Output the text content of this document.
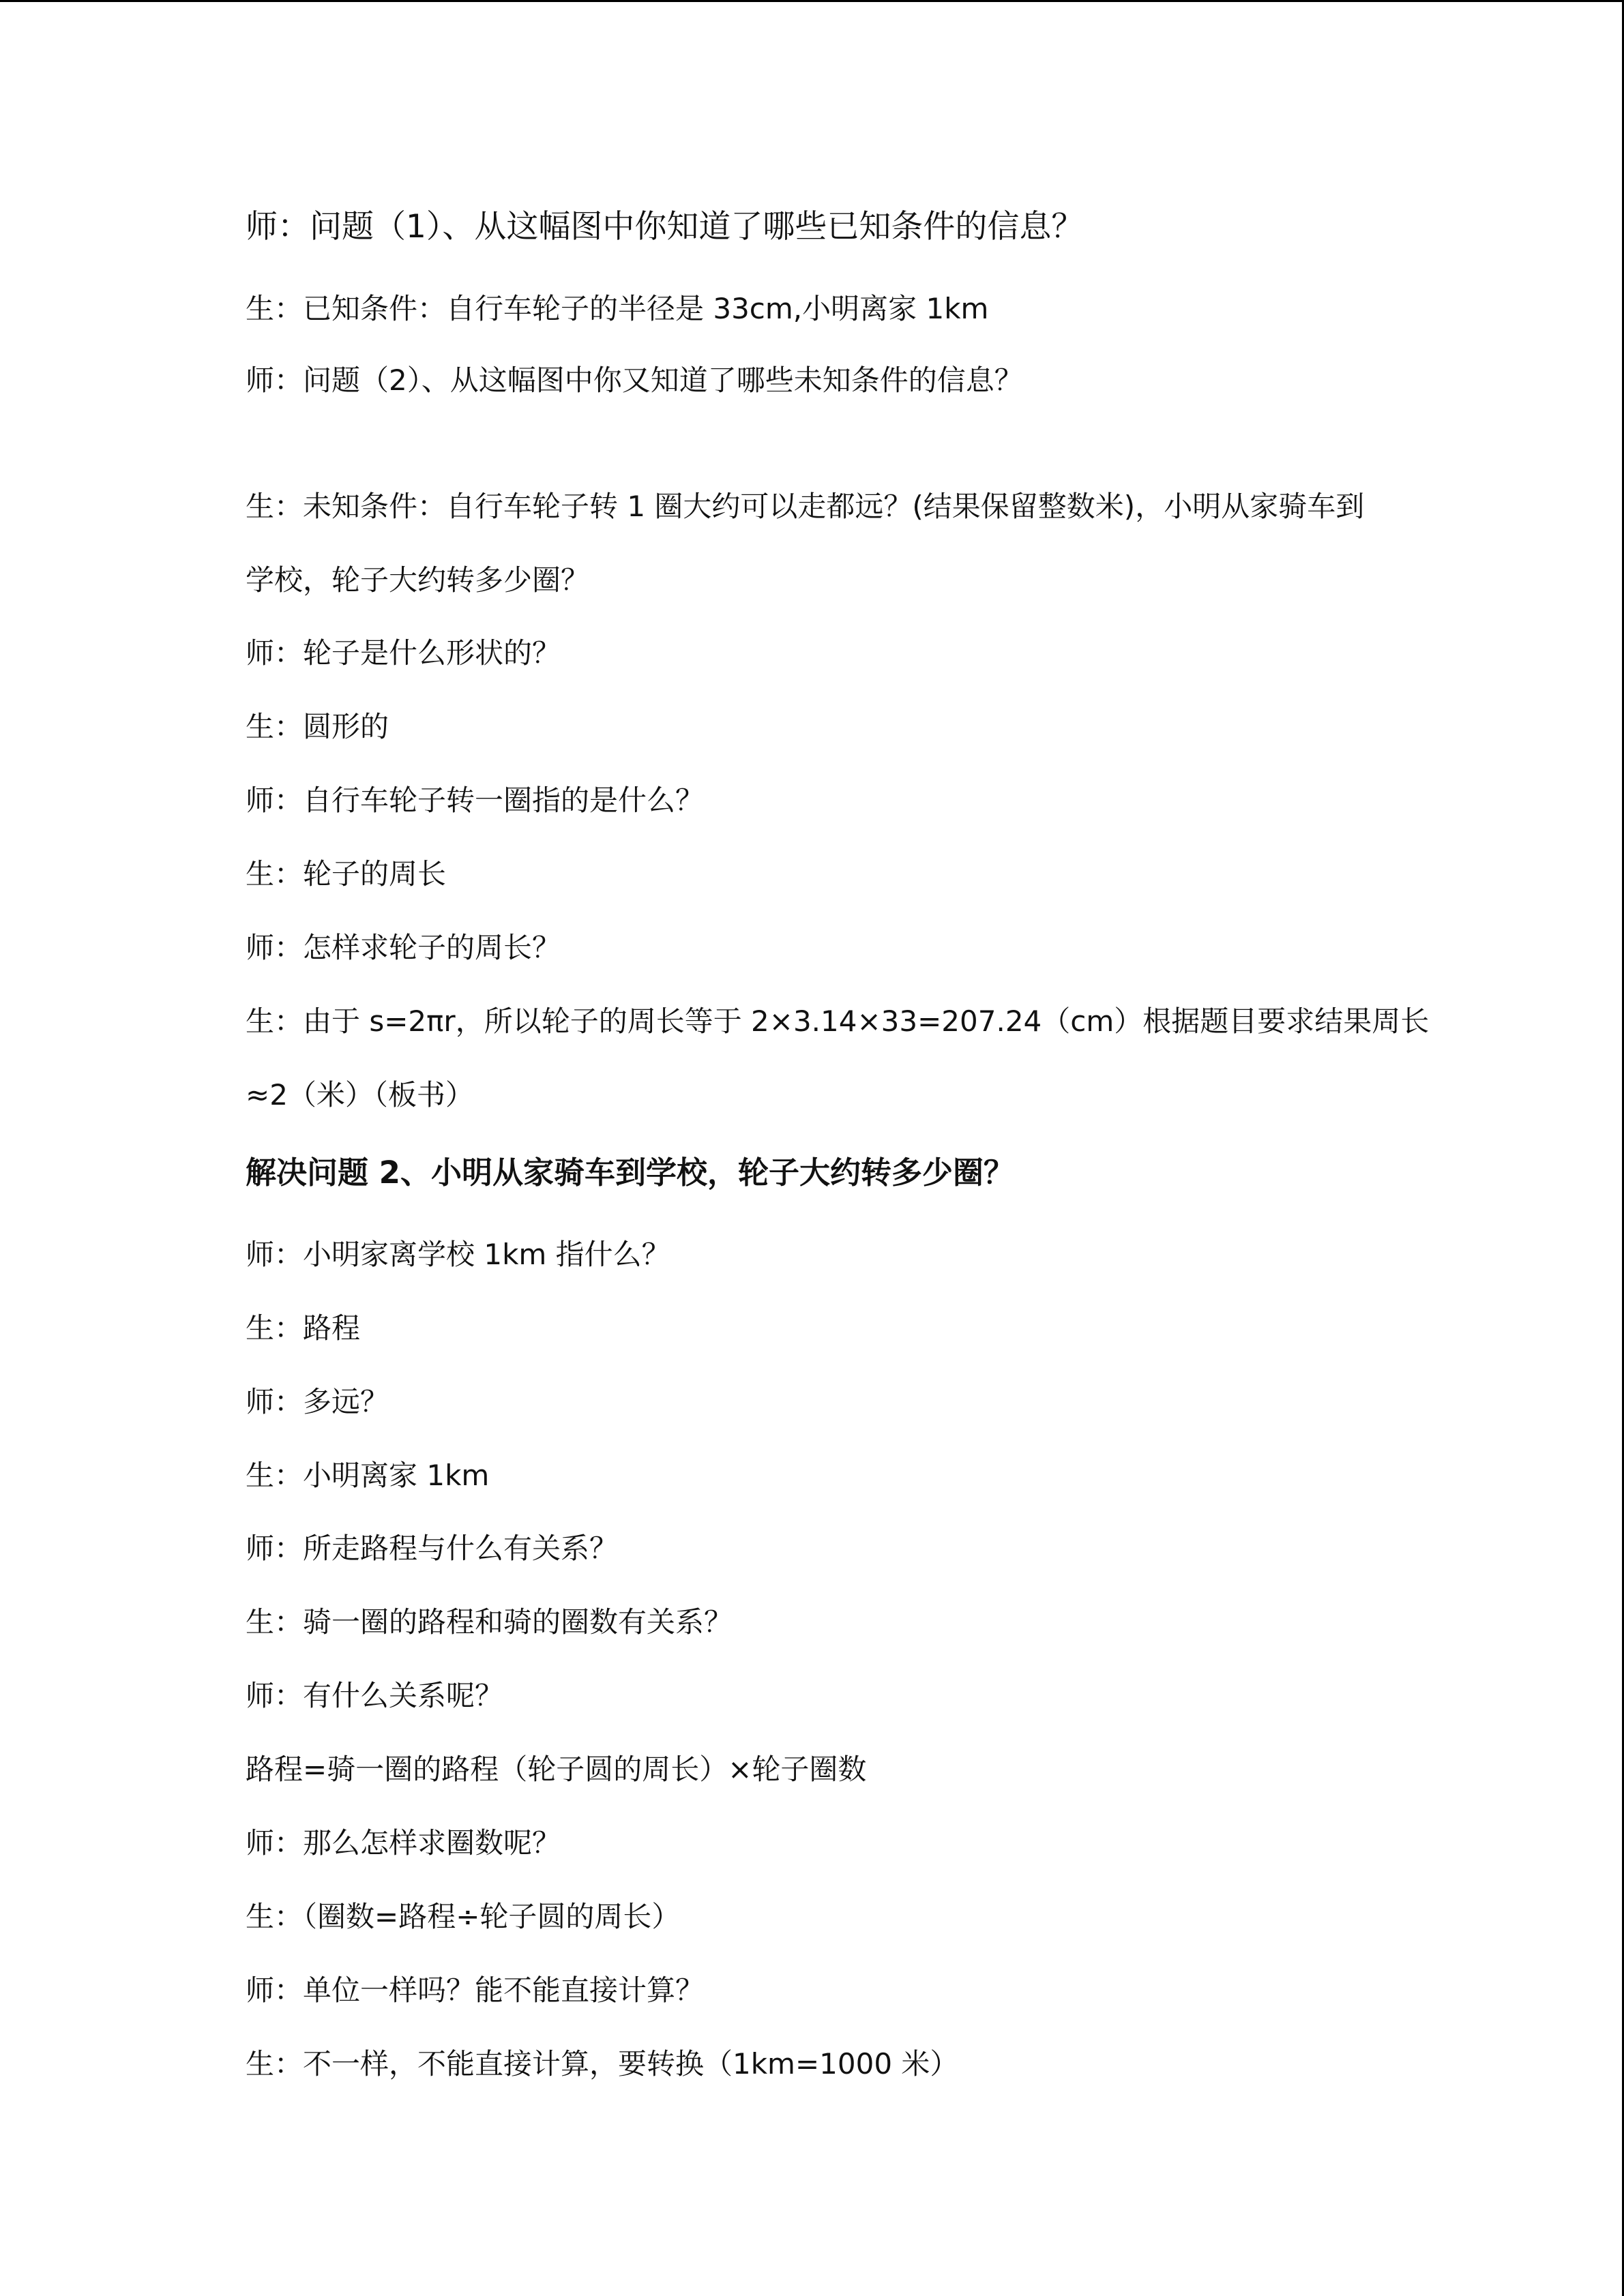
师：问题（1）、从这幅图中你知道了哪些已知条件的信息？
生：已知条件：自行车轮子的半径是 33cm,小明离家 1km
师：问题（2）、从这幅图中你又知道了哪些未知条件的信息？
生：未知条件：自行车轮子转 1 圈大约可以走都远？(结果保留整数米)，小明从家骑车到
学校，轮子大约转多少圈？
师：轮子是什么形状的？
生：圆形的
师：自行车轮子转一圈指的是什么？
生：轮子的周长
师：怎样求轮子的周长？
生：由于 s=2πr，所以轮子的周长等于 2×3.14×33=207.24（cm）根据题目要求结果周长
≈2（米）（板书）
解决问题 2、小明从家骑车到学校，轮子大约转多少圈？
师：小明家离学校 1km 指什么？
生：路程
师：多远？
生：小明离家 1km
师：所走路程与什么有关系？
生：骑一圈的路程和骑的圈数有关系？
师：有什么关系呢？
路程=骑一圈的路程（轮子圆的周长）×轮子圈数
师：那么怎样求圈数呢？
生：（圈数=路程÷轮子圆的周长）
师：单位一样吗？能不能直接计算？
生：不一样，不能直接计算，要转换（1km=1000 米）
